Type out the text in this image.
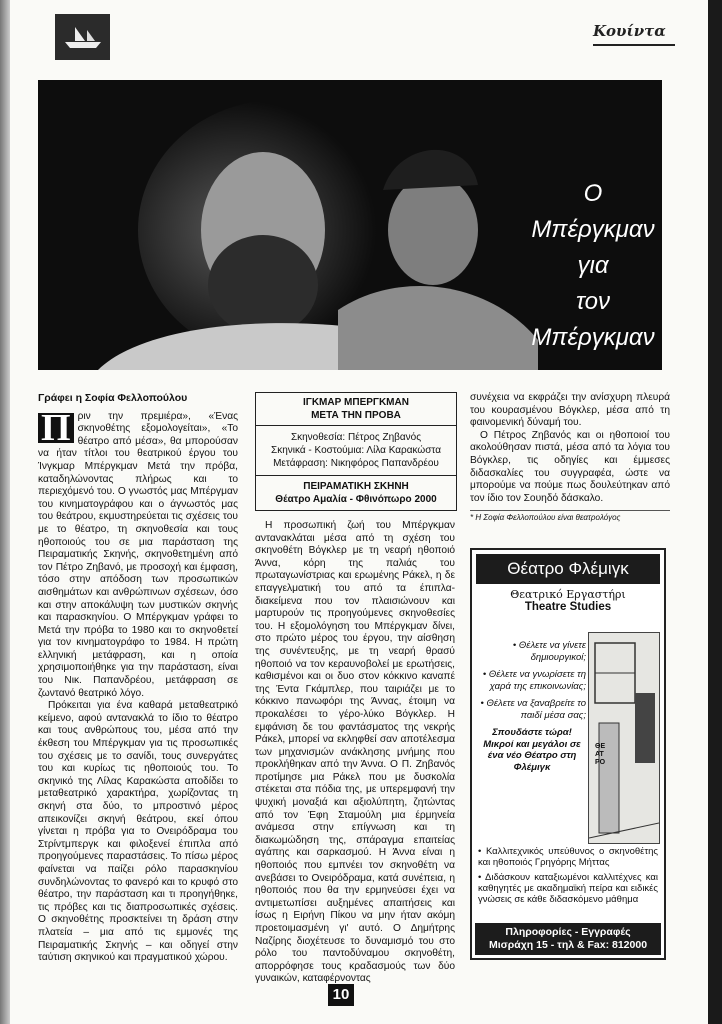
Κουίντα
Ο
Μπέργκμαν
για
τον
Μπέργκμαν
Γράφει η Σοφία Φελλοπούλου
Π ριν την πρεμιέρα», «Ένας σκηνοθέτης εξομολογείται», «Το θέατρο από μέσα», θα μπορούσαν να ήταν τίτλοι του θεατρικού έργου του Ίνγκμαρ Μπέργκμαν Μετά την πρόβα, καταδηλώνοντας πλήρως και το περιεχόμενό του. Ο γνωστός μας Μπέργμαν του κινηματογράφου και ο άγνωστός μας του θεάτρου, εκμυστηρεύεται τις σχέσεις του με το θέατρο, τη σκηνοθεσία και τους ηθοποιούς του σε μια παράσταση της Πειραματικής Σκηνής, σκηνοθετημένη από τον Πέτρο Ζηβανό, με προσοχή και έμφαση, τόσο στην απόδοση των προσωπικών αισθημάτων και ανθρώπινων σχέσεων, όσο και στην αποκάλυψη των μυστικών σκηνής και παρασκηνίου. Ο Μπέργκμαν γράφει το Μετά την πρόβα το 1980 και το σκηνοθετεί για τον κινηματογράφο το 1984. Η πρώτη ελληνική μετάφραση, και η οποία χρησιμοποιήθηκε για την παράσταση, είναι του Νικ. Παπανδρέου, μετάφραση σε ζωντανό θεατρικό λόγο.

Πρόκειται για ένα καθαρά μεταθεατρικό κείμενο, αφού αντανακλά το ίδιο το θέατρο και τους ανθρώπους του, μέσα από την έκθεση του Μπέργκμαν για τις προσωπικές του σχέσεις με το σανίδι, τους συνεργάτες του και κυρίως τις ηθοποιούς του. Το σκηνικό της Λίλας Καρακώστα αποδίδει το μεταθεατρικό χαρακτήρα, χωρίζοντας τη σκηνή στα δύο, το μπροστινό μέρος απεικονίζει σκηνή θεάτρου, εκεί όπου γίνεται η πρόβα για το Ονειρόδραμα του Στρίντμπεργκ και φιλοξενεί έπιπλα από προηγούμενες παραστάσεις. Το πίσω μέρος φαίνεται να παίζει ρόλο παρασκηνίου συνδηλώνοντας το φανερό και το κρυφό στο θέατρο, την παράσταση και τι προηγήθηκε, τις πρόβες και τις διαπροσωπικές σχέσεις. Ο σκηνοθέτης προσκτείνει τη δράση στην πλατεία – μια από τις εμμονές της Πειραματικής Σκηνής – και οδηγεί στην ταύτιση σκηνικού και πραγματικού χώρου.

ΙΓΚΜΑΡ ΜΠΕΡΓΚΜΑΝ
ΜΕΤΑ ΤΗΝ ΠΡΟΒΑ
Σκηνοθεσία: Πέτρος Ζηβανός
Σκηνικά - Κοστούμια: Λίλα Καρακώστα
Μετάφραση: Νικηφόρος Παπανδρέου
ΠΕΙΡΑΜΑΤΙΚΗ ΣΚΗΝΗ
Θέατρο Αμαλία - Φθινόπωρο 2000

Η προσωπική ζωή του Μπέργκμαν αντανακλάται μέσα από τη σχέση του σκηνοθέτη Βόγκλερ με τη νεαρή ηθοποιό Άννα, κόρη της παλιάς του πρωταγωνίστριας και ερωμένης Ράκελ, η δε επαγγελματική του από τα έπιπλα-διακείμενα που τον πλαισιώνουν και μαρτυρούν τις προηγούμενες σκηνοθεσίες του. Η εξομολόγηση του Μπέργκμαν δίνει, στο πρώτο μέρος του έργου, την αίσθηση της συνέντευξης, με τη νεαρή θρασύ ηθοποιό να τον κεραυνοβολεί με ερωτήσεις, καθισμένοι και οι δυο στον κόκκινο καναπέ της Έντα Γκάμπλερ, που ταιριάζει με το κόκκινο πανωφόρι της Άννας, έτοιμη να προκαλέσει το γέρο-λύκο Βόγκλερ. Η εμφάνιση δε του φαντάσματος της νεκρής Ράκελ, μπορεί να εκληφθεί σαν αποτέλεσμα των μηχανισμών ανάκλησης μνήμης που προκλήθηκαν από την Άννα. Ο Π. Ζηβανός προτίμησε μια Ράκελ που με δυσκολία στέκεται στα πόδια της, με υπερεμφανή την ψυχική μοναξιά και αξιολύπητη, ζητώντας από τον Έφη Σταμούλη μια έρμηνεία ανάμεσα στην επίγνωση και τη διακωμώδηση της, σπάραγμα επαιτείας αγάπης και σαρκασμού. Η Άννα είναι η ηθοποιός που εμπνέει τον σκηνοθέτη να ανεβάσει το Ονειρόδραμα, κατά συνέπεια, η ηθοποιός που θα την ερμηνεύσει έχει να αντιμετωπίσει αυξημένες απαιτήσεις και ίσως η Ειρήνη Πίκου να μην ήταν ακόμη προετοιμασμένη γι' αυτό. Ο Δημήτρης Ναζίρης διοχέτευσε το δυναμισμό του στο ρόλο του παντοδύναμου σκηνοθέτη, απορρόφησε τους κραδασμούς των δύο γυναικών, καταφέρνοντας

συνέχεια να εκφράζει την ανίσχυρη πλευρά του κουρασμένου Βόγκλερ, μέσα από τη φαινομενική δύναμή του.

Ο Πέτρος Ζηβανός και οι ηθοποιοί του ακολούθησαν πιστά, μέσα από τα λόγια του Βόγκλερ, τις οδηγίες και έμμεσες διδασκαλίες του συγγραφέα, ώστε να μπορούμε να πούμε πως δουλεύτηκαν από τον ίδιο τον Σουηδό δάσκαλο.

* Η Σοφία Φελλοπούλου είναι θεατρολόγος
Θέατρο Φλέμιγκ
Θεατρικό Εργαστήρι
Theatre Studies
• Θέλετε να γίνετε δημιουργικοί;
• Θέλετε να γνωρίσετε τη χαρά της επικοινωνίας;
• Θέλετε να ξαναβρείτε το παιδί μέσα σας;
Σπουδάστε τώρα! Μικροί και μεγάλοι σε ένα νέο Θέατρο στη Φλέμιγκ
ΘΕΑΤΡΟ
• Καλλιτεχνικός υπεύθυνος ο σκηνοθέτης και ηθοποιός Γρηγόρης Μήττας
• Διδάσκουν καταξιωμένοι καλλιτέχνες και καθηγητές με ακαδημαϊκή πείρα και ειδικές γνώσεις σε κάθε διδασκόμενο μάθημα
Πληροφορίες - Εγγραφές
Μισράχη 15 - τηλ & Fax: 812000
10
